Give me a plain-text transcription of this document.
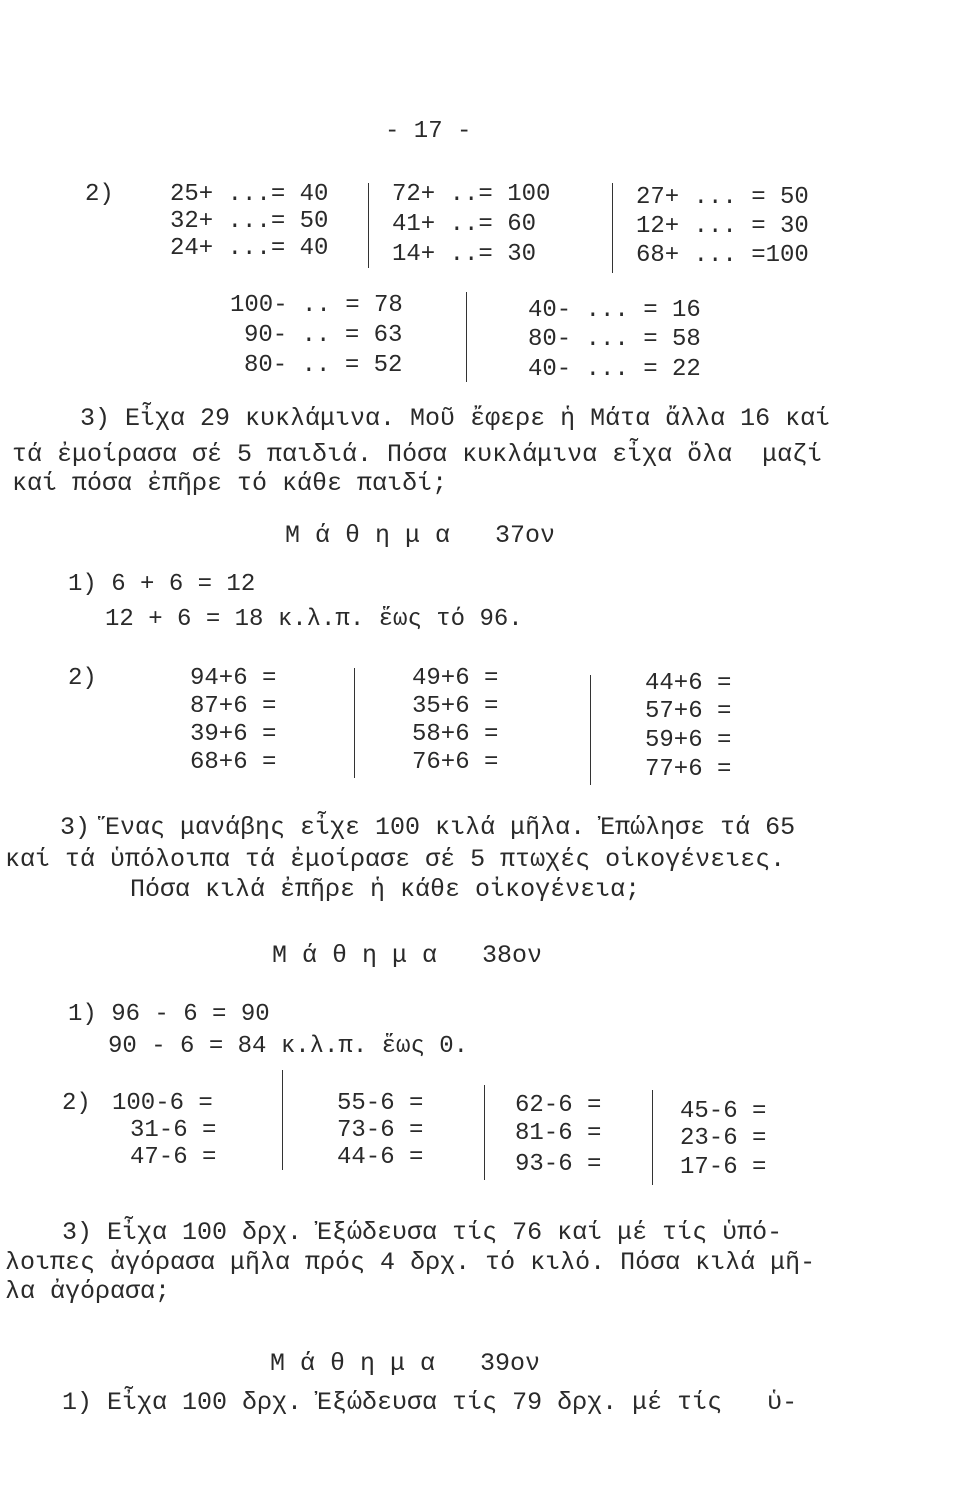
- 17 -
2) 25+ ...= 40
32+ ...= 50
24+ ...= 40
72+ ..= 100
41+ ..= 60
14+ ..= 30
27+ ... = 50
12+ ... = 30
68+ ... =100
100- .. = 78
90- .. = 63
80- .. = 52
40- ... = 16
80- ... = 58
40- ... = 22
3) Εἶχα 29 κυκλάμινα. Μοῦ ἔφερε ἡ Μάτα ἄλλα 16 καί
τά ἐμοίρασα σέ 5 παιδιά. Πόσα κυκλάμινα εἶχα ὅλα  μαζί
καί πόσα ἐπῆρε τό κάθε παιδί;
Μ ά θ η μ α   37ον
1) 6 + 6 = 12
12 + 6 = 18 κ.λ.π. ἕως τό 96.
2)	94+6 =
87+6 =
39+6 =
68+6 =
49+6 =
35+6 =
58+6 =
76+6 =
44+6 =
57+6 =
59+6 =
77+6 =
3) Ἕνας μανάβης εἶχε 100 κιλά μῆλα. Ἐπώλησε τά 65
καί τά ὑπόλοιπα τά ἐμοίρασε σέ 5 πτωχές οἰκογένειες.
Πόσα κιλά ἐπῆρε ἡ κάθε οἰκογένεια;
Μ ά θ η μ α   38ον
1) 96 - 6 = 90
90 - 6 = 84 κ.λ.π. ἕως 0.
2) 100-6 =
31-6 =
47-6 =
55-6 =
73-6 =
44-6 =
62-6 =
81-6 =
93-6 =
45-6 =
23-6 =
17-6 =
3) Εἶχα 100 δρχ. Ἐξώδευσα τίς 76 καί μέ τίς ὑπό-
λοιπες ἀγόρασα μῆλα πρός 4 δρχ. τό κιλό. Πόσα κιλά μῆ-
λα ἀγόρασα;
Μ ά θ η μ α   39ον
1) Εἶχα 100 δρχ. Ἐξώδευσα τίς 79 δρχ. μέ τίς   ὑ-
